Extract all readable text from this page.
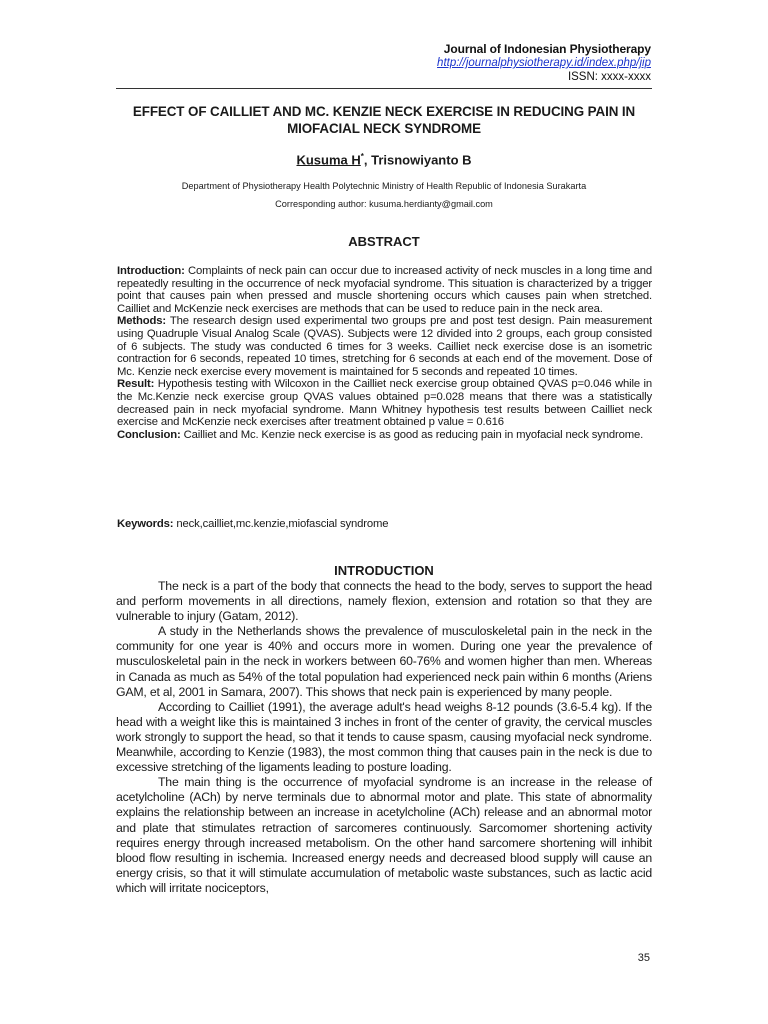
Journal of Indonesian Physiotherapy
http://journalphysiotherapy.id/index.php/jip
ISSN: xxxx-xxxx
EFFECT OF CAILLIET AND MC. KENZIE NECK EXERCISE IN REDUCING PAIN IN MIOFACIAL NECK SYNDROME
Kusuma H*, Trisnowiyanto B
Department of Physiotherapy Health Polytechnic Ministry of Health Republic of Indonesia Surakarta
Corresponding author: kusuma.herdianty@gmail.com
ABSTRACT

Introduction: Complaints of neck pain can occur due to increased activity of neck muscles in a long time and repeatedly resulting in the occurrence of neck myofacial syndrome. This situation is characterized by a trigger point that causes pain when pressed and muscle shortening occurs which causes pain when stretched. Cailliet and McKenzie neck exercises are methods that can be used to reduce pain in the neck area.

Methods: The research design used experimental two groups pre and post test design. Pain measurement using Quadruple Visual Analog Scale (QVAS). Subjects were 12 divided into 2 groups, each group consisted of 6 subjects. The study was conducted 6 times for 3 weeks. Cailliet neck exercise dose is an isometric contraction for 6 seconds, repeated 10 times, stretching for 6 seconds at each end of the movement. Dose of Mc. Kenzie neck exercise every movement is maintained for 5 seconds and repeated 10 times.

Result: Hypothesis testing with Wilcoxon in the Cailliet neck exercise group obtained QVAS p=0.046 while in the Mc.Kenzie neck exercise group QVAS values obtained p=0.028 means that there was a statistically decreased pain in neck myofacial syndrome. Mann Whitney hypothesis test results between Cailliet neck exercise and McKenzie neck exercises after treatment obtained p value = 0.616

Conclusion: Cailliet and Mc. Kenzie neck exercise is as good as reducing pain in myofacial neck syndrome.

Keywords: neck,cailliet,mc.kenzie,miofascial syndrome
INTRODUCTION

The neck is a part of the body that connects the head to the body, serves to support the head and perform movements in all directions, namely flexion, extension and rotation so that they are vulnerable to injury (Gatam, 2012).

A study in the Netherlands shows the prevalence of musculoskeletal pain in the neck in the community for one year is 40% and occurs more in women. During one year the prevalence of musculoskeletal pain in the neck in workers between 60-76% and women higher than men. Whereas in Canada as much as 54% of the total population had experienced neck pain within 6 months (Ariens GAM, et al, 2001 in Samara, 2007). This shows that neck pain is experienced by many people.

According to Cailliet (1991), the average adult's head weighs 8-12 pounds (3.6-5.4 kg). If the head with a weight like this is maintained 3 inches in front of the center of gravity, the cervical muscles work strongly to support the head, so that it tends to cause spasm, causing myofacial neck syndrome. Meanwhile, according to Kenzie (1983), the most common thing that causes pain in the neck is due to excessive stretching of the ligaments leading to posture loading.

The main thing is the occurrence of myofacial syndrome is an increase in the release of acetylcholine (ACh) by nerve terminals due to abnormal motor and plate. This state of abnormality explains the relationship between an increase in acetylcholine (ACh) release and an abnormal motor and plate that stimulates retraction of sarcomeres continuously. Sarcomomer shortening activity requires energy through increased metabolism. On the other hand sarcomere shortening will inhibit blood flow resulting in ischemia. Increased energy needs and decreased blood supply will cause an energy crisis, so that it will stimulate accumulation of metabolic waste substances, such as lactic acid which will irritate nociceptors,

35
